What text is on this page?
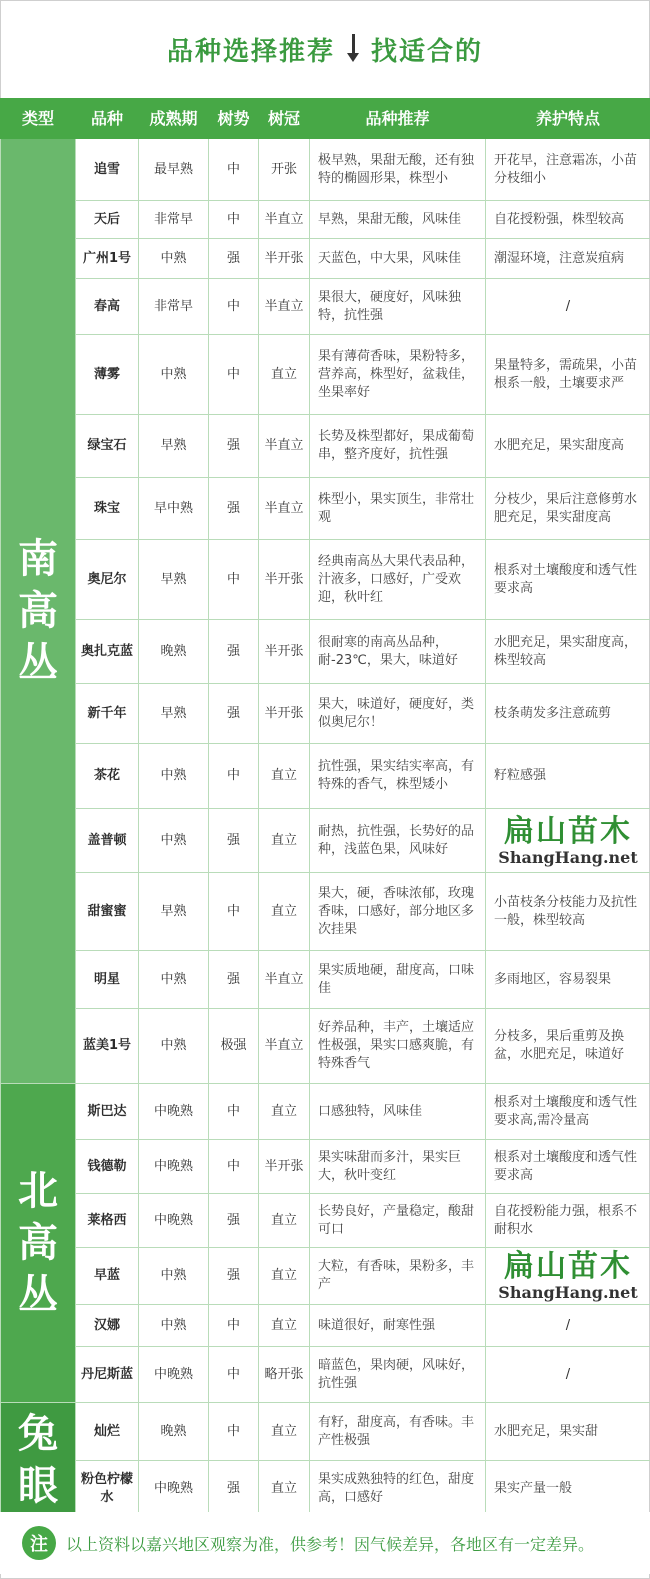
品种选择推荐 找适合的
类型	品种	成熟期	树势	树冠	品种推荐	养护特点

南高丛	追雪	最早熟	中	开张	极早熟，果甜无酸，还有独特的椭圆形果，株型小	开花早，注意霜冻，小苗分枝细小
	天后	非常早	中	半直立	早熟，果甜无酸，风味佳	自花授粉强，株型较高
	广州1号	中熟	强	半开张	天蓝色，中大果，风味佳	潮湿环境，注意炭疽病
	春高	非常早	中	半直立	果很大，硬度好，风味独特，抗性强	/
	薄雾	中熟	中	直立	果有薄荷香味，果粉特多，营养高，株型好，盆栽佳，坐果率好	果量特多，需疏果，小苗根系一般，土壤要求严
	绿宝石	早熟	强	半直立	长势及株型都好，果成葡萄串，整齐度好，抗性强	水肥充足，果实甜度高
	珠宝	早中熟	强	半直立	株型小，果实顶生，非常壮观	分枝少，果后注意修剪水肥充足，果实甜度高
	奥尼尔	早熟	中	半开张	经典南高丛大果代表品种，汁液多，口感好，广受欢迎，秋叶红	根系对土壤酸度和透气性要求高
	奥扎克蓝	晚熟	强	半开张	很耐寒的南高丛品种，耐-23℃，果大，味道好	水肥充足，果实甜度高，株型较高
	新千年	早熟	强	半开张	果大，味道好，硬度好，类似奥尼尔！	枝条萌发多注意疏剪
	茶花	中熟	中	直立	抗性强，果实结实率高，有特殊的香气，株型矮小	籽粒感强
	盖普顿	中熟	强	直立	耐热，抗性强，长势好的品种，浅蓝色果，风味好	扁山苗木
ShangHang.net

	甜蜜蜜	早熟	中	直立	果大，硬，香味浓郁，玫瑰香味，口感好，部分地区多次挂果	小苗枝条分枝能力及抗性一般，株型较高
	明星	中熟	强	半直立	果实质地硬，甜度高，口味佳	多雨地区，容易裂果
	蓝美1号	中熟	极强	半直立	好养品种，丰产，土壤适应性极强，果实口感爽脆，有特殊香气	分枝多，果后重剪及换盆，水肥充足，味道好

北高丛	斯巴达	中晚熟	中	直立	口感独特，风味佳	根系对土壤酸度和透气性要求高,需冷量高
	钱德勒	中晚熟	中	半开张	果实味甜而多汁，果实巨大，秋叶变红	根系对土壤酸度和透气性要求高
	莱格西	中晚熟	强	直立	长势良好，产量稳定，酸甜可口	自花授粉能力强，根系不耐积水
	早蓝	中熟	强	直立	大粒，有香味，果粉多，丰产	扁山苗木
ShangHang.net

	汉娜	中熟	中	直立	味道很好，耐寒性强	/
	丹尼斯蓝	中晚熟	中	略开张	暗蓝色，果肉硬，风味好，抗性强	/

兔眼	灿烂	晚熟	中	直立	有籽，甜度高，有香味。丰产性极强	水肥充足，果实甜
	粉色柠檬水	中晚熟	强	直立	果实成熟独特的红色，甜度高，口感好	果实产量一般
注	以上资料以嘉兴地区观察为准，供参考！因气候差异，各地区有一定差异。
